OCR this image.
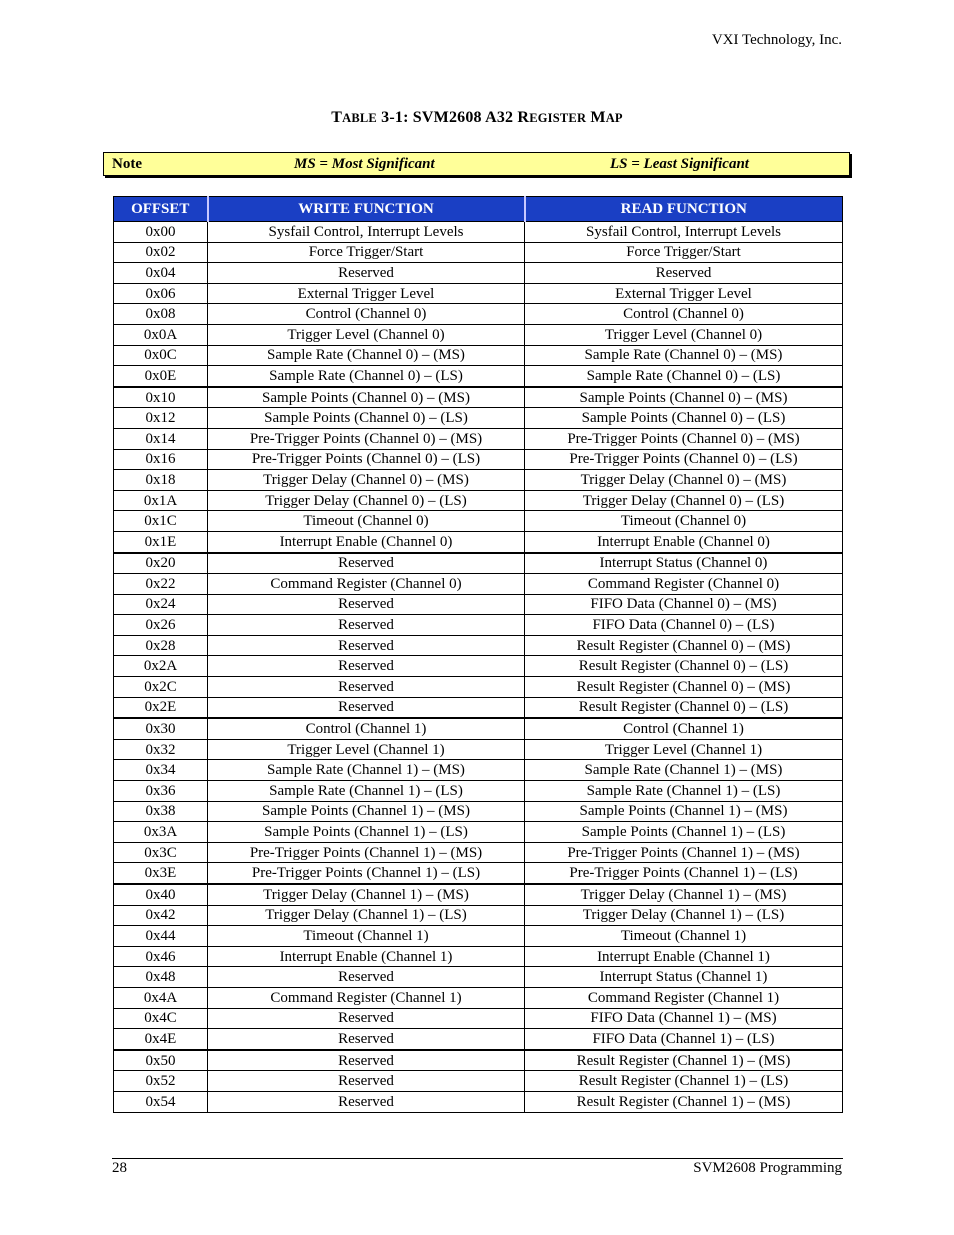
VXI Technology, Inc.
TABLE 3-1: SVM2608 A32 REGISTER MAP
Note	MS = Most Significant	LS = Least Significant
OFFSET	WRITE FUNCTION	READ FUNCTION
0x00	Sysfail Control, Interrupt Levels	Sysfail Control, Interrupt Levels
0x02	Force Trigger/Start	Force Trigger/Start
0x04	Reserved	Reserved
0x06	External Trigger Level	External Trigger Level
0x08	Control (Channel 0)	Control (Channel 0)
0x0A	Trigger Level (Channel 0)	Trigger Level (Channel 0)
0x0C	Sample Rate (Channel 0) – (MS)	Sample Rate (Channel 0) – (MS)
0x0E	Sample Rate (Channel 0) – (LS)	Sample Rate (Channel 0) – (LS)
0x10	Sample Points (Channel 0) – (MS)	Sample Points (Channel 0) – (MS)
0x12	Sample Points (Channel 0) – (LS)	Sample Points (Channel 0) – (LS)
0x14	Pre-Trigger Points (Channel 0) – (MS)	Pre-Trigger Points (Channel 0) – (MS)
0x16	Pre-Trigger Points (Channel 0) – (LS)	Pre-Trigger Points (Channel 0) – (LS)
0x18	Trigger Delay (Channel 0) – (MS)	Trigger Delay (Channel 0) – (MS)
0x1A	Trigger Delay (Channel 0) – (LS)	Trigger Delay (Channel 0) – (LS)
0x1C	Timeout (Channel 0)	Timeout (Channel 0)
0x1E	Interrupt Enable (Channel 0)	Interrupt Enable (Channel 0)
0x20	Reserved	Interrupt Status (Channel 0)
0x22	Command Register (Channel 0)	Command Register (Channel 0)
0x24	Reserved	FIFO Data (Channel 0) – (MS)
0x26	Reserved	FIFO Data (Channel 0) – (LS)
0x28	Reserved	Result Register (Channel 0) – (MS)
0x2A	Reserved	Result Register (Channel 0) – (LS)
0x2C	Reserved	Result Register (Channel 0) – (MS)
0x2E	Reserved	Result Register (Channel 0) – (LS)
0x30	Control (Channel 1)	Control (Channel 1)
0x32	Trigger Level (Channel 1)	Trigger Level (Channel 1)
0x34	Sample Rate (Channel 1) – (MS)	Sample Rate (Channel 1) – (MS)
0x36	Sample Rate (Channel 1) – (LS)	Sample Rate (Channel 1) – (LS)
0x38	Sample Points (Channel 1) – (MS)	Sample Points (Channel 1) – (MS)
0x3A	Sample Points (Channel 1) – (LS)	Sample Points (Channel 1) – (LS)
0x3C	Pre-Trigger Points (Channel 1) – (MS)	Pre-Trigger Points (Channel 1) – (MS)
0x3E	Pre-Trigger Points (Channel 1) – (LS)	Pre-Trigger Points (Channel 1) – (LS)
0x40	Trigger Delay (Channel 1) – (MS)	Trigger Delay (Channel 1) – (MS)
0x42	Trigger Delay (Channel 1) – (LS)	Trigger Delay (Channel 1) – (LS)
0x44	Timeout (Channel 1)	Timeout (Channel 1)
0x46	Interrupt Enable (Channel 1)	Interrupt Enable (Channel 1)
0x48	Reserved	Interrupt Status (Channel 1)
0x4A	Command Register (Channel 1)	Command Register (Channel 1)
0x4C	Reserved	FIFO Data (Channel 1) – (MS)
0x4E	Reserved	FIFO Data (Channel 1) – (LS)
0x50	Reserved	Result Register (Channel 1) – (MS)
0x52	Reserved	Result Register (Channel 1) – (LS)
0x54	Reserved	Result Register (Channel 1) – (MS)
28	SVM2608 Programming
